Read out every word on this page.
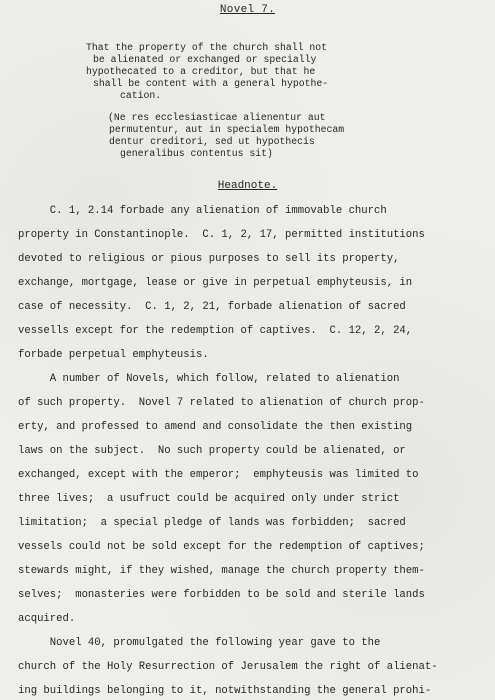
Novel 7.
That the property of the church shall not
be alienated or exchanged or specially
hypothecated to a creditor, but that he
shall be content with a general hypothe-
cation.
(Ne res ecclesiasticae alienentur aut
permutentur, aut in specialem hypothecam
dentur creditori, sed ut hypothecis
generalibus contentus sit)
Headnote.
C. 1, 2.14 forbade any alienation of immovable church
property in Constantinople.  C. 1, 2, 17, permitted institutions
devoted to religious or pious purposes to sell its property,
exchange, mortgage, lease or give in perpetual emphyteusis, in
case of necessity.  C. 1, 2, 21, forbade alienation of sacred
vessells except for the redemption of captives.  C. 12, 2, 24,
forbade perpetual emphyteusis.
A number of Novels, which follow, related to alienation
of such property.  Novel 7 related to alienation of church prop-
erty, and professed to amend and consolidate the then existing
laws on the subject.  No such property could be alienated, or
exchanged, except with the emperor;  emphyteusis was limited to
three lives;  a usufruct could be acquired only under strict
limitation;  a special pledge of lands was forbidden;  sacred
vessels could not be sold except for the redemption of captives;
stewards might, if they wished, manage the church property them-
selves;  monasteries were forbidden to be sold and sterile lands
acquired.
Novel 40, promulgated the following year gave to the
church of the Holy Resurrection of Jerusalem the right of alienat-
ing buildings belonging to it, notwithstanding the general prohi-
